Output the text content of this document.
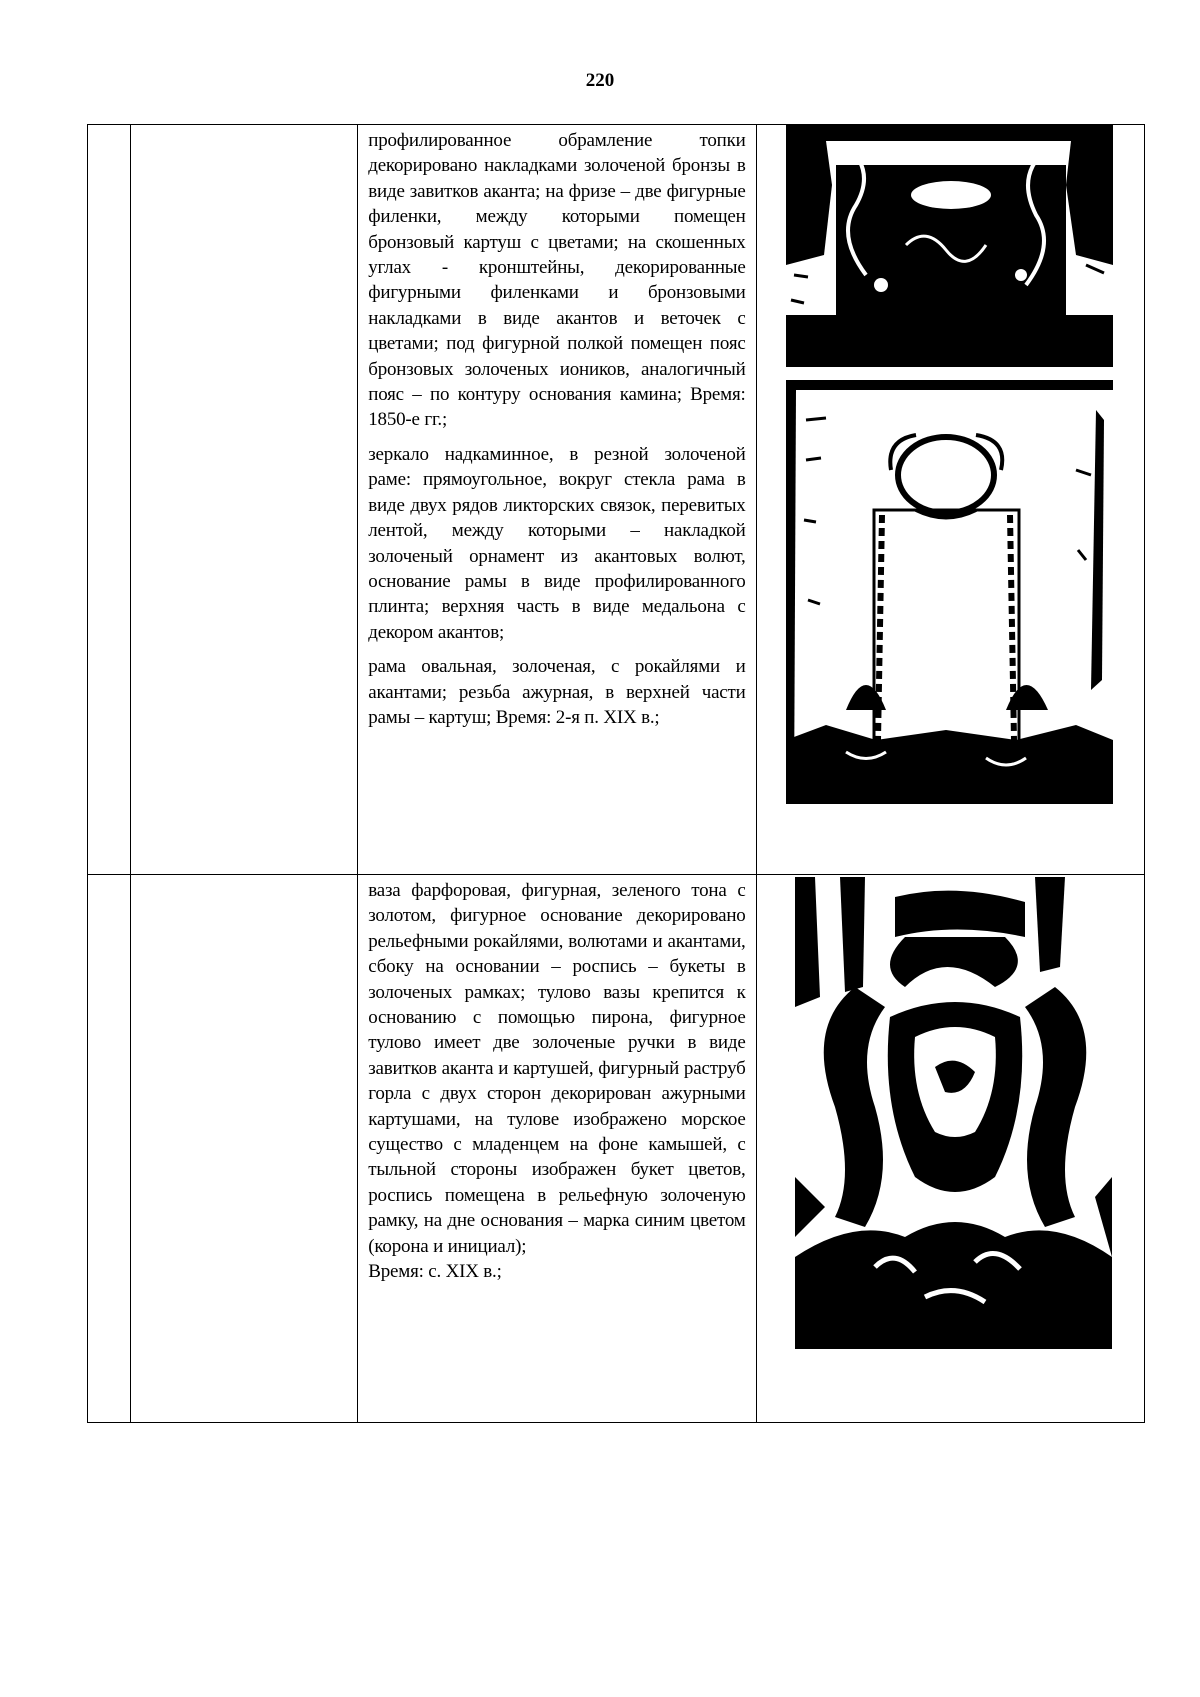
220

		профилированное обрамление топки декорировано накладками золоченой бронзы в виде завитков аканта; на фризе – две фигурные филенки, между которыми помещен бронзовый картуш с цветами; на скошенных углах - кронштейны, декорированные фигурными филенками и бронзовыми накладками в виде акантов и веточек с цветами; под фигурной полкой помещен пояс бронзовых золоченых иоников, аналогичный пояс – по контуру основания камина; Время: 1850-е гг.;

зеркало надкаминное, в резной золоченой раме: прямоугольное, вокруг стекла рама в виде двух рядов ликторских связок, перевитых лентой, между которыми – накладкой золоченый орнамент из акантовых волют, основание рамы в виде профилированного плинта; верхняя часть в виде медальона с декором акантов;

рама овальная, золоченая, с рокайлями и акантами; резьба ажурная, в верхней части рамы – картуш; Время: 2-я п. XIX в.;

		ваза фарфоровая, фигурная, зеленого тона с золотом, фигурное основание декорировано рельефными рокайлями, волютами и акантами, сбоку на основании – роспись – букеты в золоченых рамках; тулово вазы крепится к основанию с помощью пирона, фигурное тулово имеет две золоченые ручки в виде завитков аканта и картушей, фигурный раструб горла с двух сторон декорирован ажурными картушами, на тулове изображено морское существо с младенцем на фоне камышей, с тыльной стороны изображен букет цветов, роспись помещена в рельефную золоченую рамку, на дне основания – марка синим цветом (корона и инициал);

Время: с. XIX в.;
